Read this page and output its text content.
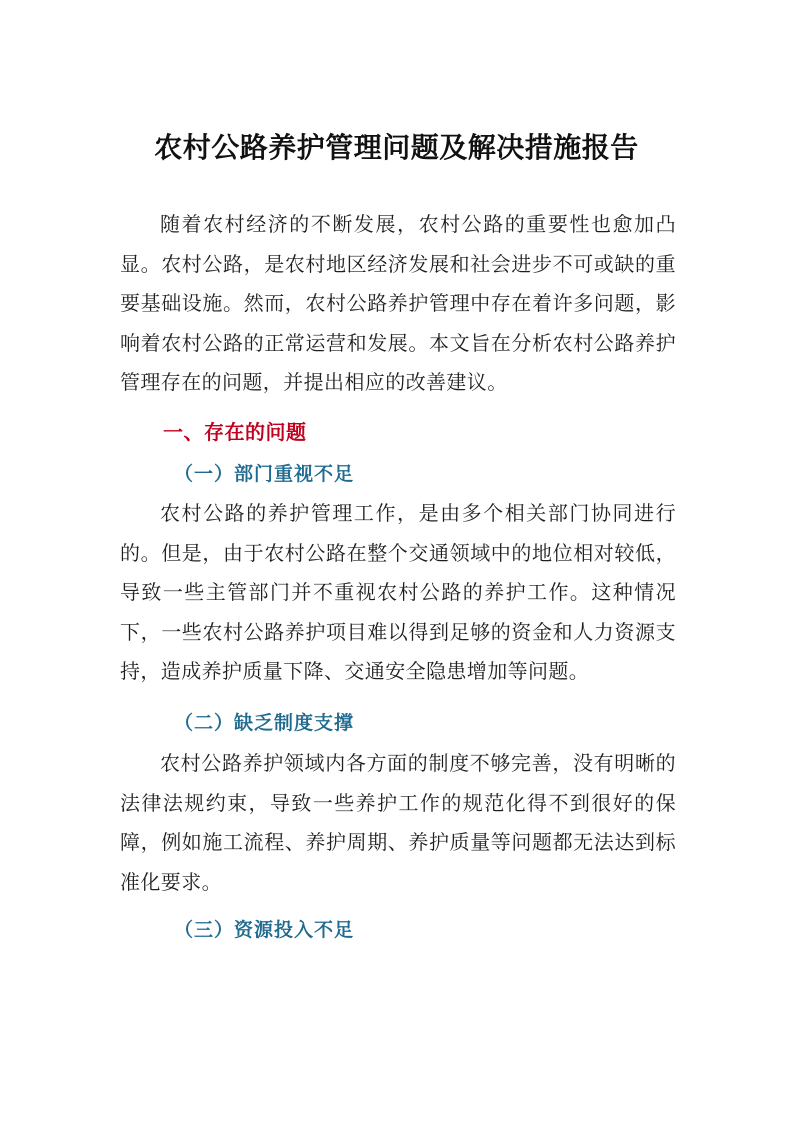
农村公路养护管理问题及解决措施报告

随着农村经济的不断发展，农村公路的重要性也愈加凸显。农村公路，是农村地区经济发展和社会进步不可或缺的重要基础设施。然而，农村公路养护管理中存在着许多问题，影响着农村公路的正常运营和发展。本文旨在分析农村公路养护管理存在的问题，并提出相应的改善建议。

一、存在的问题
（一）部门重视不足

农村公路的养护管理工作，是由多个相关部门协同进行的。但是，由于农村公路在整个交通领域中的地位相对较低，导致一些主管部门并不重视农村公路的养护工作。这种情况下，一些农村公路养护项目难以得到足够的资金和人力资源支持，造成养护质量下降、交通安全隐患增加等问题。

（二）缺乏制度支撑

农村公路养护领域内各方面的制度不够完善，没有明晰的法律法规约束，导致一些养护工作的规范化得不到很好的保障，例如施工流程、养护周期、养护质量等问题都无法达到标准化要求。

（三）资源投入不足
